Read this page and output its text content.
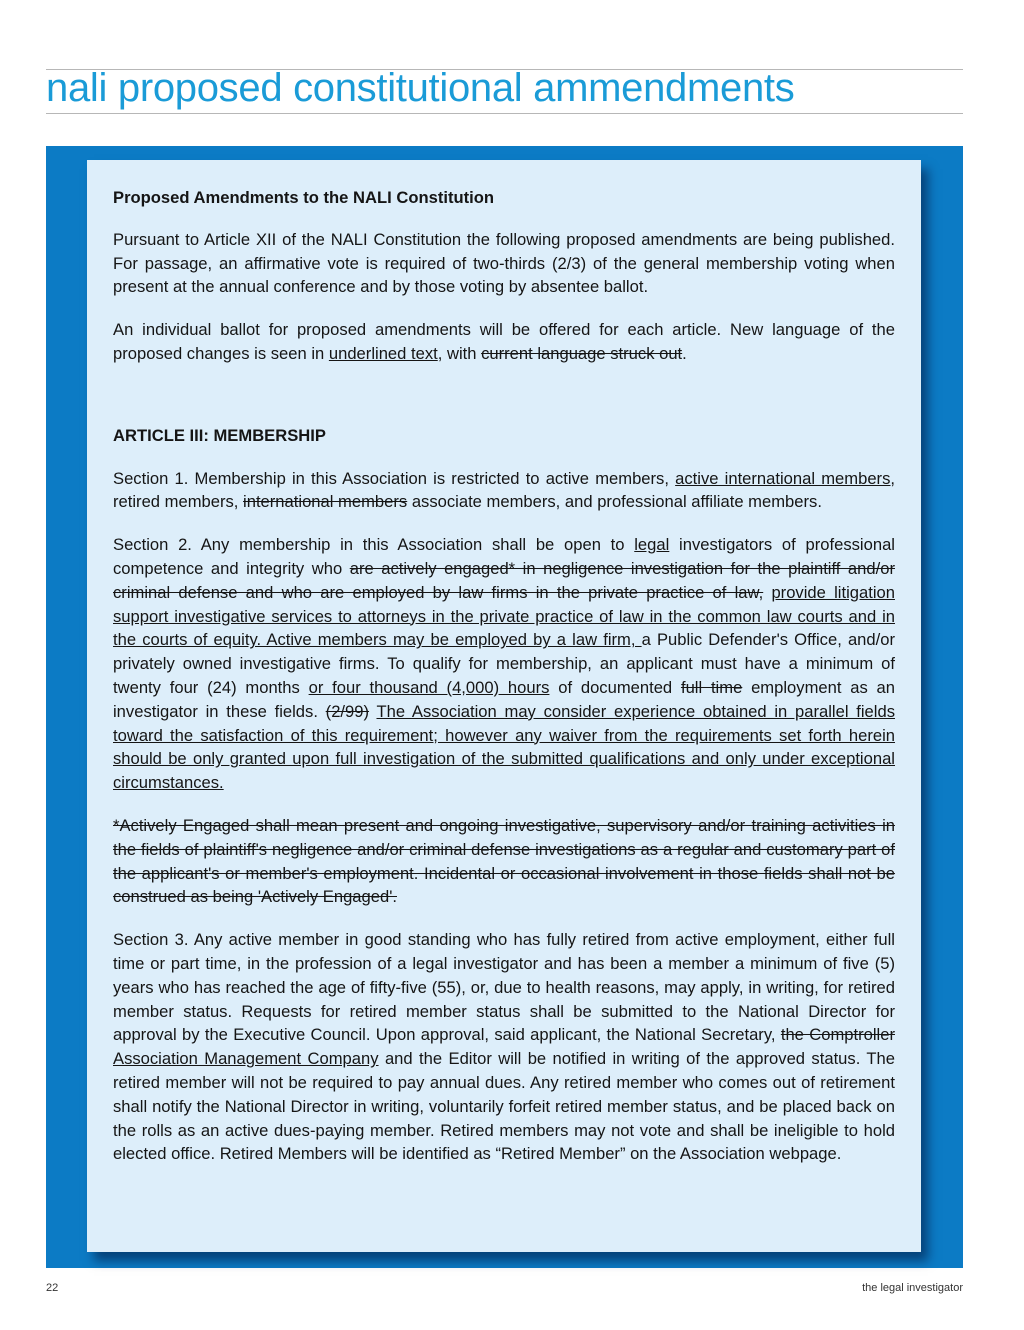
nali proposed constitutional ammendments

Proposed Amendments to the NALI Constitution

Pursuant to Article XII of the NALI Constitution the following proposed amendments are being published. For passage, an affirmative vote is required of two-thirds (2/3) of the general membership voting when present at the annual conference and by those voting by absentee ballot.

An individual ballot for proposed amendments will be offered for each article. New language of the proposed changes is seen in underlined text, with current language struck out.

ARTICLE III: MEMBERSHIP

Section 1. Membership in this Association is restricted to active members, active international members, retired members, international members associate members, and professional affiliate members.

Section 2. Any membership in this Association shall be open to legal investigators of professional competence and integrity who are actively engaged* in negligence investigation for the plaintiff and/or criminal defense and who are employed by law firms in the private practice of law, provide litigation support investigative services to attorneys in the private practice of law in the common law courts and in the courts of equity. Active members may be employed by a law firm, a Public Defender's Office, and/or privately owned investigative firms. To qualify for membership, an applicant must have a minimum of twenty four (24) months or four thousand (4,000) hours of documented full time employment as an investigator in these fields. (2/99) The Association may consider experience obtained in parallel fields toward the satisfaction of this requirement; however any waiver from the requirements set forth herein should be only granted upon full investigation of the submitted qualifications and only under exceptional circumstances.

*Actively Engaged shall mean present and ongoing investigative, supervisory and/or training activities in the fields of plaintiff's negligence and/or criminal defense investigations as a regular and customary part of the applicant's or member's employment. Incidental or occasional involvement in those fields shall not be construed as being 'Actively Engaged'.

Section 3. Any active member in good standing who has fully retired from active employment, either full time or part time, in the profession of a legal investigator and has been a member a minimum of five (5) years who has reached the age of fifty-five (55), or, due to health reasons, may apply, in writing, for retired member status. Requests for retired member status shall be submitted to the National Director for approval by the Executive Council. Upon approval, said applicant, the National Secretary, the Comptroller Association Management Company and the Editor will be notified in writing of the approved status. The retired member will not be required to pay annual dues. Any retired member who comes out of retirement shall notify the National Director in writing, voluntarily forfeit retired member status, and be placed back on the rolls as an active dues-paying member. Retired members may not vote and shall be ineligible to hold elected office. Retired Members will be identified as “Retired Member” on the Association webpage.

22	the legal investigator
